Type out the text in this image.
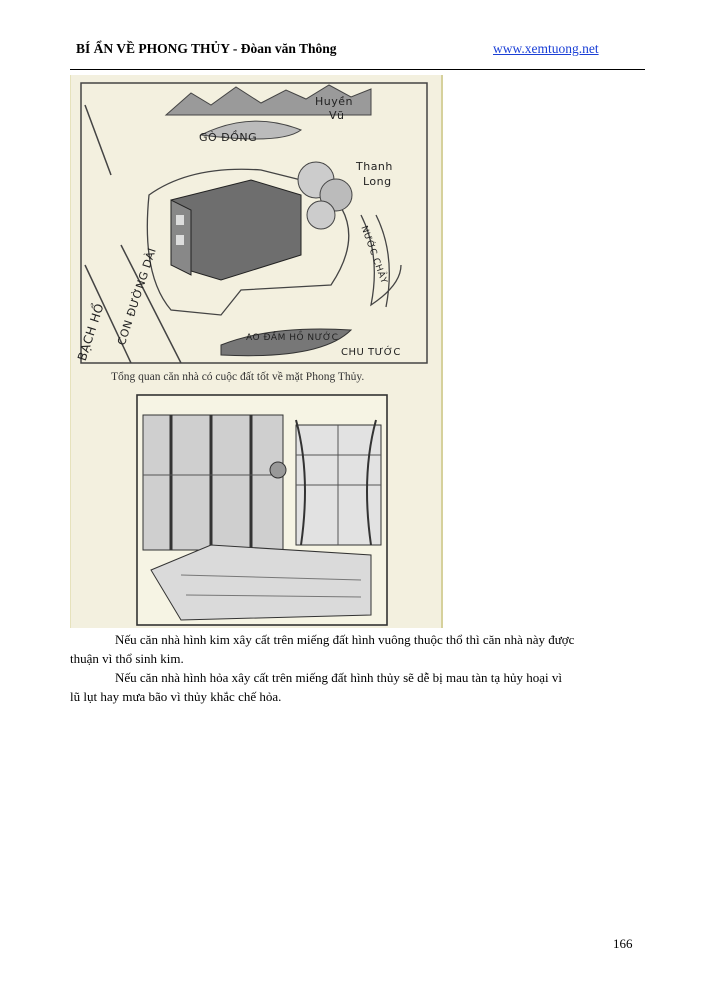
BÍ ẨN VỀ PHONG THỦY - Đòan văn Thông	www.xemtuong.net
Huyền
Vũ
GÒ ĐỒNG
Thanh
Long
NƯỚC CHẢY
BẠCH HỔ CON ĐƯỜNG DÀI	AO ĐẦM HỒ NƯỚC
CHU TƯỚC
Tổng quan căn nhà có cuộc đất tốt về mặt Phong Thủy.
Nếu căn nhà hình kim xây cất trên miếng đất hình vuông thuộc thổ thì căn nhà này được
thuận vì thổ sinh kim.
Nếu căn nhà hình hỏa xây cất trên miếng đất hình thủy sẽ dễ bị mau tàn tạ hủy hoại vì
lũ lụt hay mưa bão vì thủy khắc chế hỏa.
166
